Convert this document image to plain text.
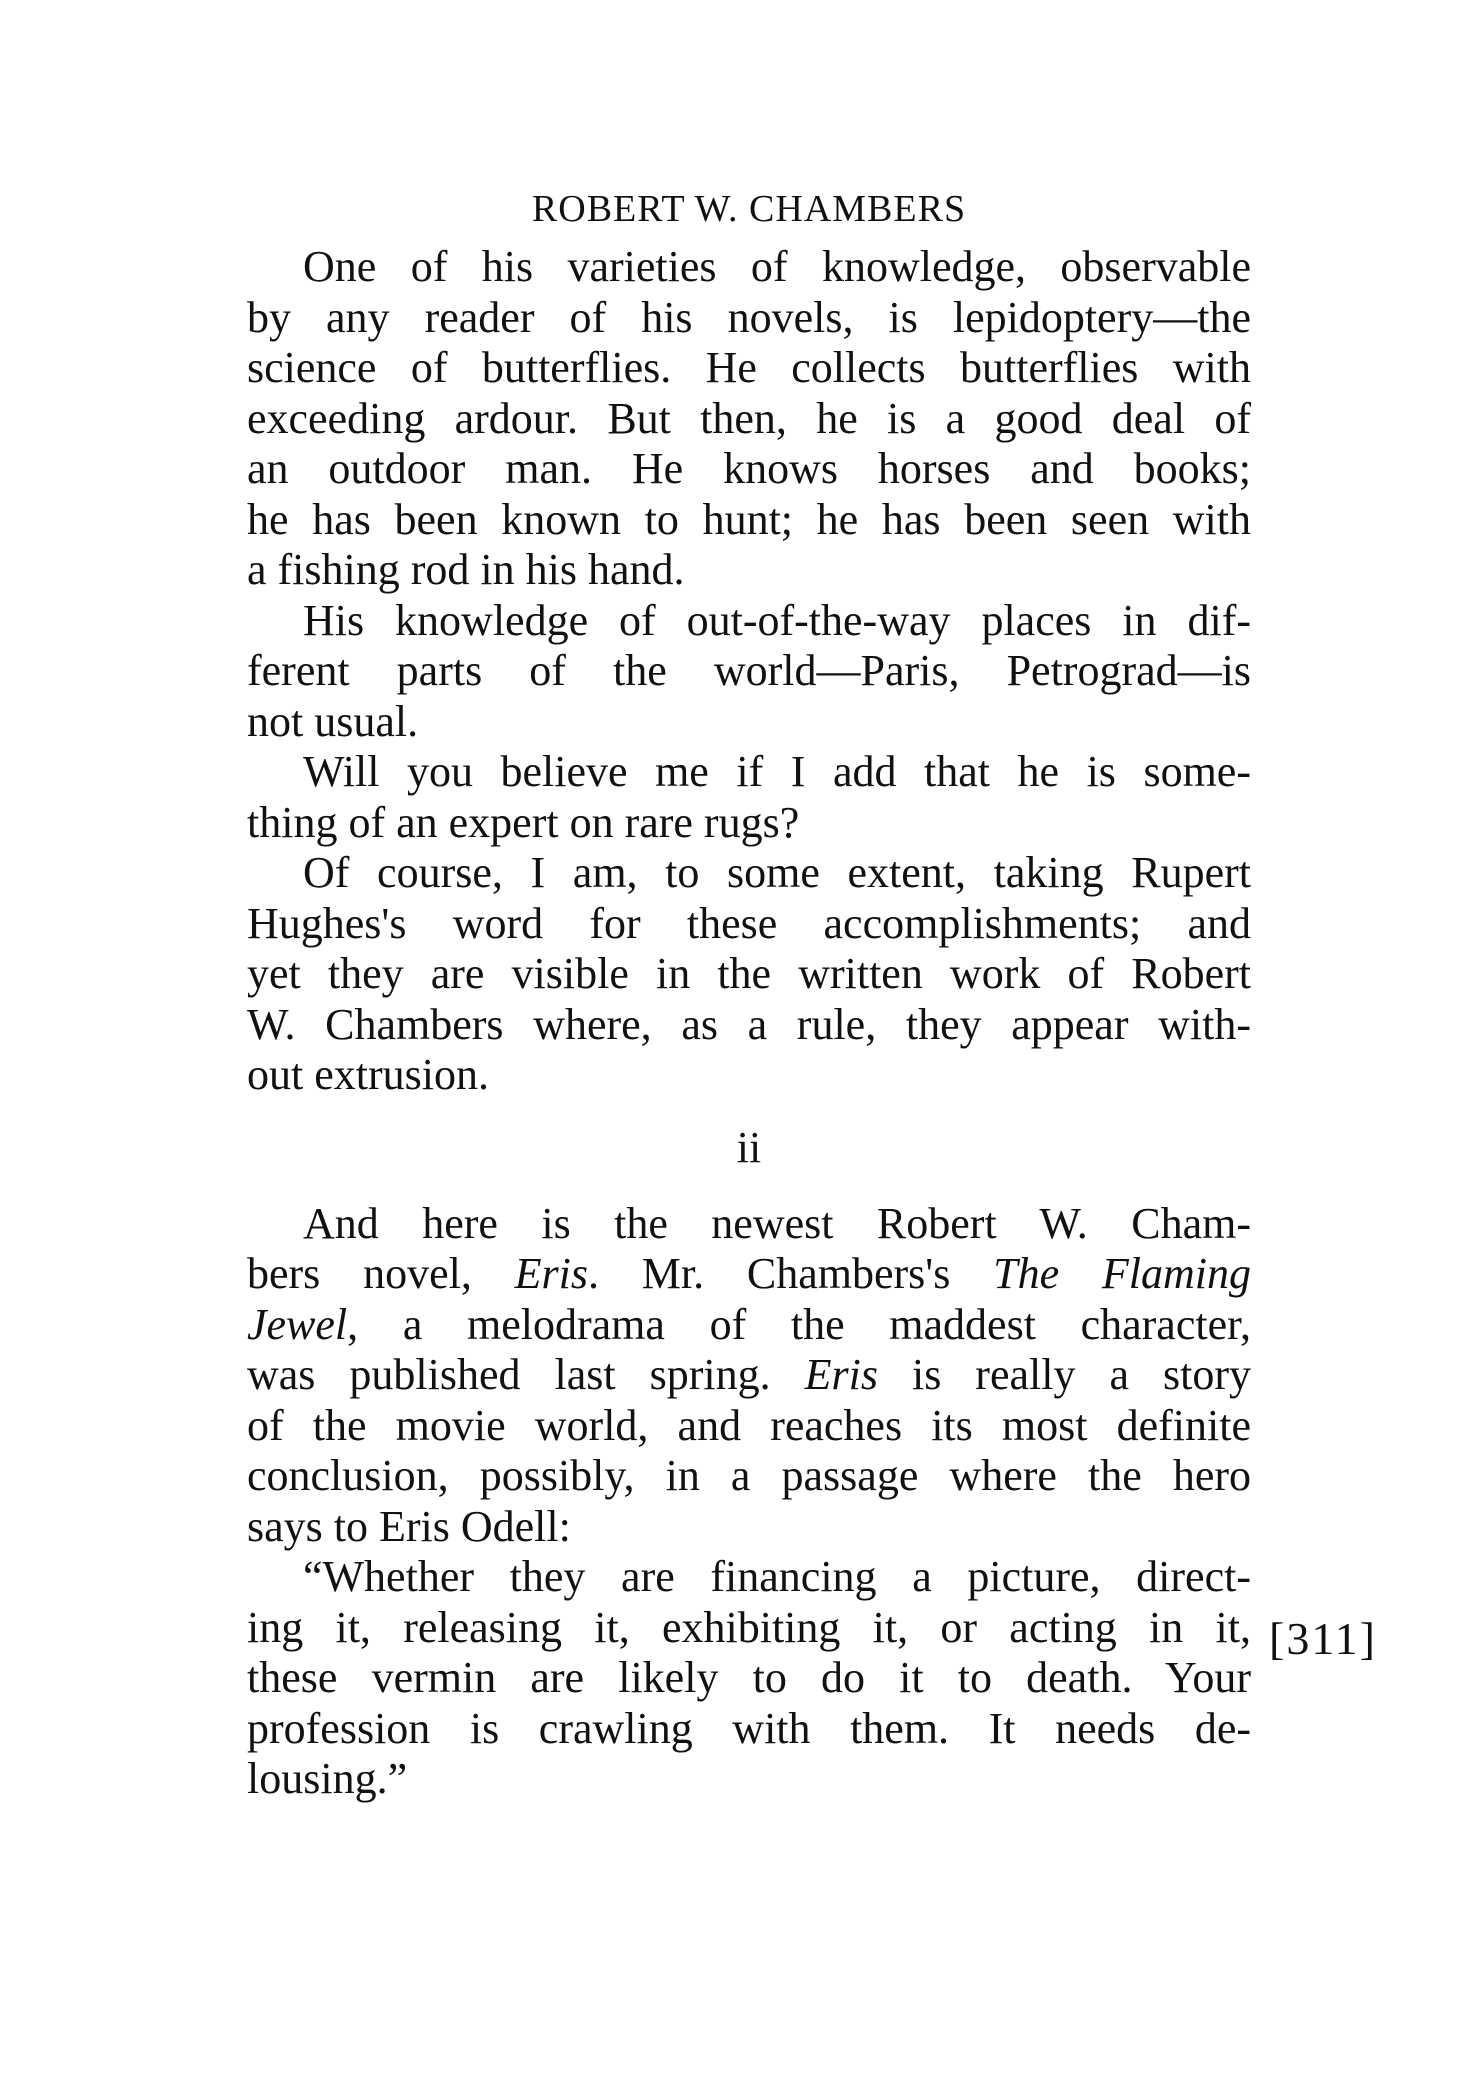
ROBERT W. CHAMBERS

One of his varieties of knowledge, observable
by any reader of his novels, is lepidoptery—the
science of butterflies. He collects butterflies with
exceeding ardour. But then, he is a good deal of
an outdoor man. He knows horses and books;
he has been known to hunt; he has been seen with
a fishing rod in his hand.

His knowledge of out-of-the-way places in dif-
ferent parts of the world—Paris, Petrograd—is
not usual.

Will you believe me if I add that he is some-
thing of an expert on rare rugs?

Of course, I am, to some extent, taking Rupert
Hughes's word for these accomplishments; and
yet they are visible in the written work of Robert
W. Chambers where, as a rule, they appear with-
out extrusion.

ii

And here is the newest Robert W. Cham-
bers novel, Eris. Mr. Chambers's The Flaming
Jewel, a melodrama of the maddest character,
was published last spring. Eris is really a story
of the movie world, and reaches its most definite
conclusion, possibly, in a passage where the hero
says to Eris Odell:

“Whether they are financing a picture, direct-
ing it, releasing it, exhibiting it, or acting in it,
these vermin are likely to do it to death. Your
profession is crawling with them. It needs de-
lousing.”

[311]
